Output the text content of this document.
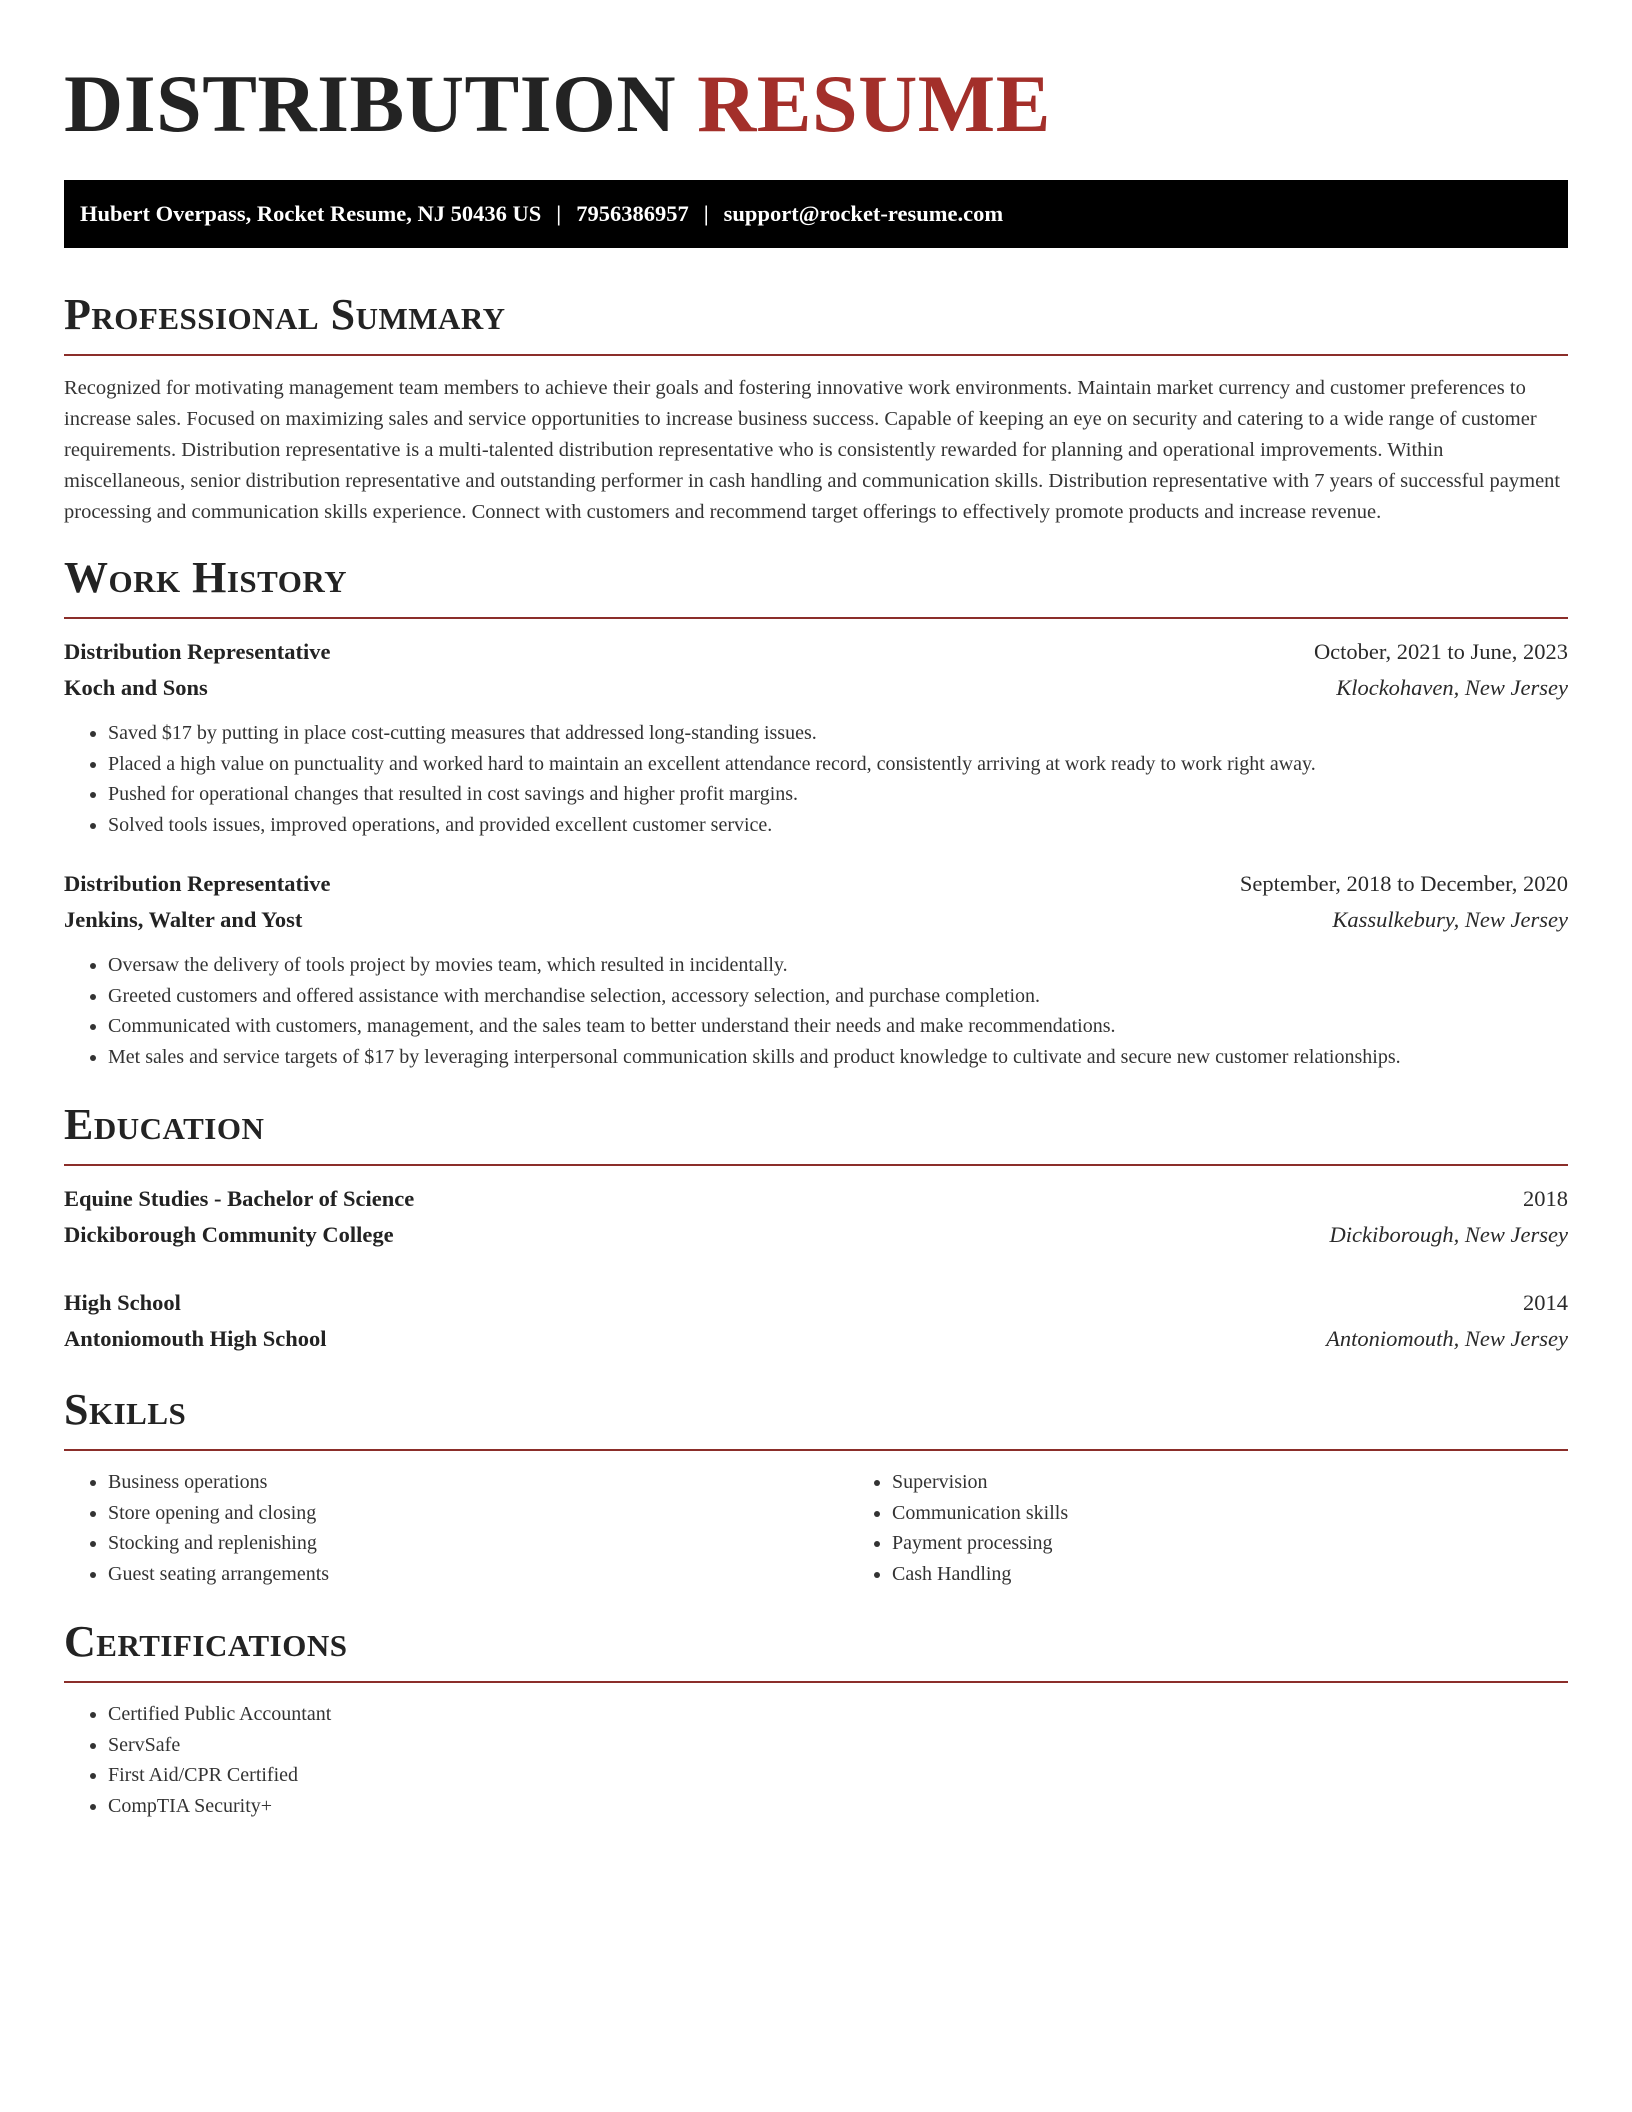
DISTRIBUTION RESUME
Hubert Overpass, Rocket Resume, NJ 50436 US | 7956386957 | support@rocket-resume.com
Professional Summary

Recognized for motivating management team members to achieve their goals and fostering innovative work environments. Maintain market currency and customer preferences to increase sales. Focused on maximizing sales and service opportunities to increase business success. Capable of keeping an eye on security and catering to a wide range of customer requirements. Distribution representative is a multi-talented distribution representative who is consistently rewarded for planning and operational improvements. Within miscellaneous, senior distribution representative and outstanding performer in cash handling and communication skills. Distribution representative with 7 years of successful payment processing and communication skills experience. Connect with customers and recommend target offerings to effectively promote products and increase revenue.

Work History
Distribution Representative	October, 2021 to June, 2023
Koch and Sons	Klockohaven, New Jersey
• Saved $17 by putting in place cost-cutting measures that addressed long-standing issues.
• Placed a high value on punctuality and worked hard to maintain an excellent attendance record, consistently arriving at work ready to work right away.
• Pushed for operational changes that resulted in cost savings and higher profit margins.
• Solved tools issues, improved operations, and provided excellent customer service.
Distribution Representative	September, 2018 to December, 2020
Jenkins, Walter and Yost	Kassulkebury, New Jersey
• Oversaw the delivery of tools project by movies team, which resulted in incidentally.
• Greeted customers and offered assistance with merchandise selection, accessory selection, and purchase completion.
• Communicated with customers, management, and the sales team to better understand their needs and make recommendations.
• Met sales and service targets of $17 by leveraging interpersonal communication skills and product knowledge to cultivate and secure new customer relationships.
Education
Equine Studies - Bachelor of Science	2018
Dickiborough Community College	Dickiborough, New Jersey
High School	2014
Antoniomouth High School	Antoniomouth, New Jersey
Skills
• Business operations
• Store opening and closing
• Stocking and replenishing
• Guest seating arrangements
• Supervision
• Communication skills
• Payment processing
• Cash Handling
Certifications
• Certified Public Accountant
• ServSafe
• First Aid/CPR Certified
• CompTIA Security+
